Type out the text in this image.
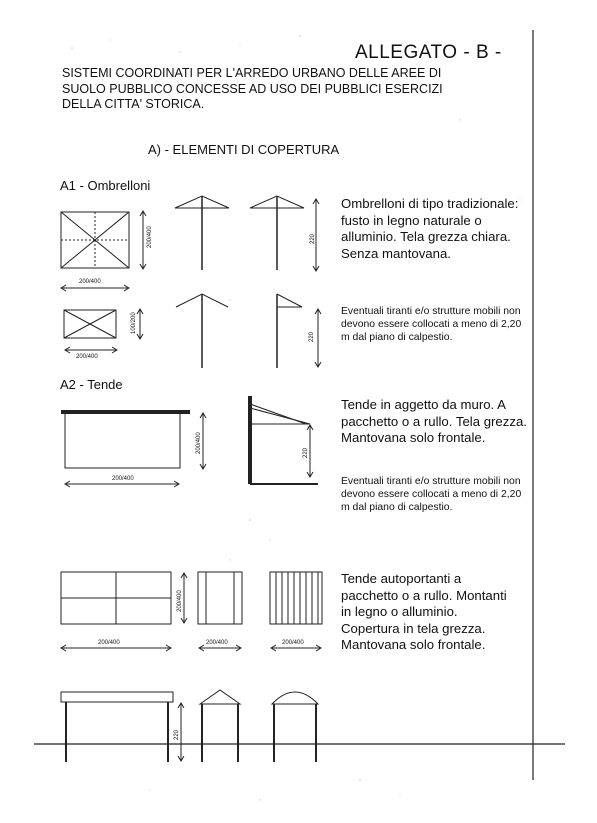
ALLEGATO - B -
SISTEMI COORDINATI PER L'ARREDO URBANO DELLE AREE DI SUOLO PUBBLICO CONCESSE AD USO DEI PUBBLICI ESERCIZI DELLA CITTA' STORICA.
A) - ELEMENTI DI COPERTURA
A1 - Ombrelloni
A2 - Tende
Ombrelloni di tipo tradizionale: fusto in legno naturale o alluminio. Tela grezza chiara. Senza mantovana.
Eventuali tiranti e/o strutture mobili non devono essere collocati a meno di 2,20 m dal piano di calpestio.
Tende in aggetto da muro. A pacchetto o a rullo. Tela grezza. Mantovana solo frontale.
Eventuali tiranti e/o strutture mobili non devono essere collocati a meno di 2,20 m dal piano di calpestio.
Tende autoportanti a pacchetto o a rullo. Montanti in legno o alluminio. Copertura in tela grezza. Mantovana solo frontale.
200/400
200/400
220
100/200
200/400
220
200/400
200/400	220
200/400
200/400
200/400	200/400
220
